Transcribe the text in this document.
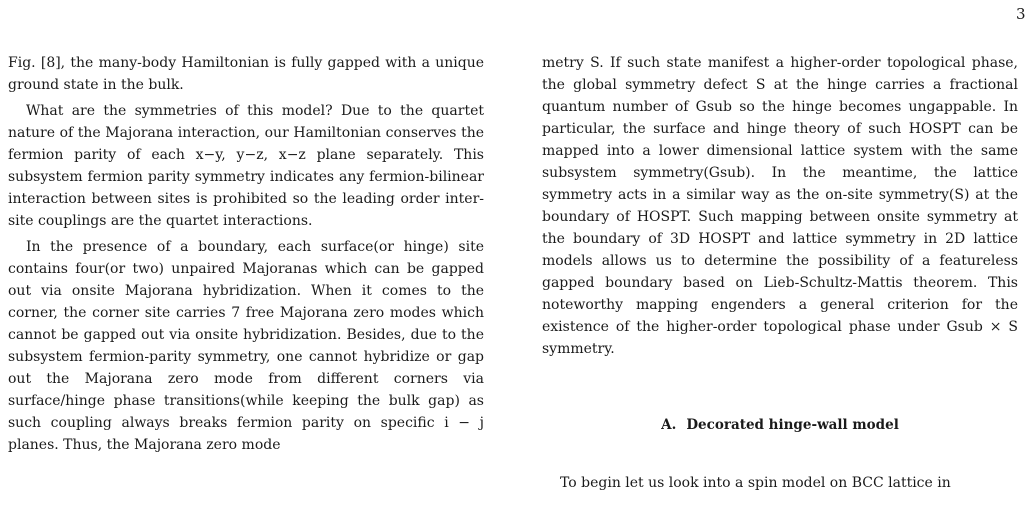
3

Fig. [8], the many-body Hamiltonian is fully gapped with a unique ground state in the bulk.

What are the symmetries of this model? Due to the quartet nature of the Majorana interaction, our Hamiltonian conserves the fermion parity of each x−y, y−z, x−z plane separately. This subsystem fermion parity symmetry indicates any fermion-bilinear interaction between sites is prohibited so the leading order inter-site couplings are the quartet interactions.

In the presence of a boundary, each surface(or hinge) site contains four(or two) unpaired Majoranas which can be gapped out via onsite Majorana hybridization. When it comes to the corner, the corner site carries 7 free Majorana zero modes which cannot be gapped out via onsite hybridization. Besides, due to the subsystem fermion-parity symmetry, one cannot hybridize or gap out the Majorana zero mode from different corners via surface/hinge phase transitions(while keeping the bulk gap) as such coupling always breaks fermion parity on specific i − j planes. Thus, the Majorana zero mode

metry S. If such state manifest a higher-order topological phase, the global symmetry defect S at the hinge carries a fractional quantum number of Gsub so the hinge becomes ungappable. In particular, the surface and hinge theory of such HOSPT can be mapped into a lower dimensional lattice system with the same subsystem symmetry(Gsub). In the meantime, the lattice symmetry acts in a similar way as the on-site symmetry(S) at the boundary of HOSPT. Such mapping between onsite symmetry at the boundary of 3D HOSPT and lattice symmetry in 2D lattice models allows us to determine the possibility of a featureless gapped boundary based on Lieb-Schultz-Mattis theorem. This noteworthy mapping engenders a general criterion for the existence of the higher-order topological phase under Gsub × S symmetry.

A. Decorated hinge-wall model

To begin let us look into a spin model on BCC lattice in
